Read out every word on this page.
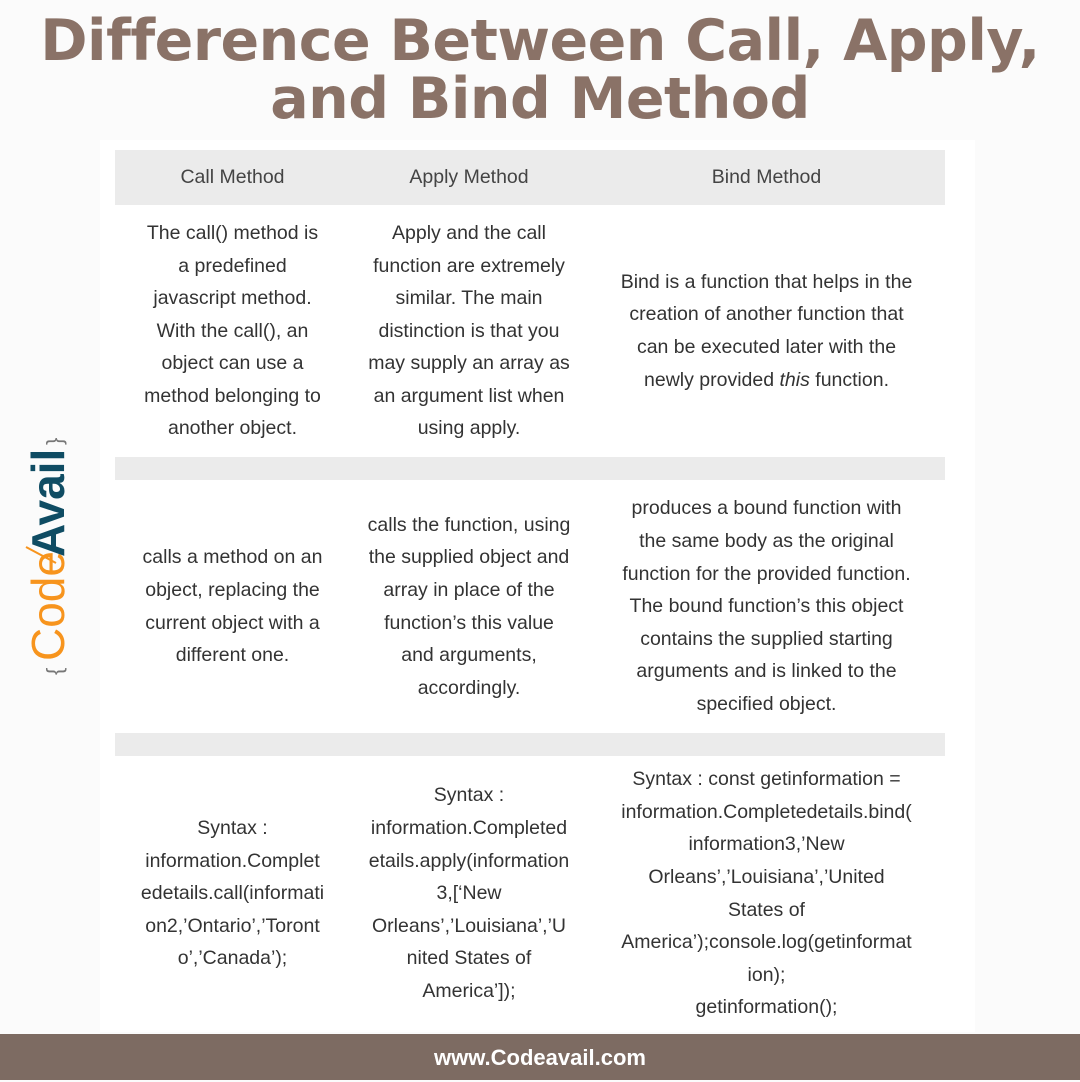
Difference Between Call, Apply,
and Bind Method
{
Code
Avail
}
Call Method	Apply Method	Bind Method
The call() method is
a predefined
javascript method.
With the call(), an
object can use a
method belonging to
another object.
Apply and the call
function are extremely
similar. The main
distinction is that you
may supply an array as
an argument list when
using apply.
Bind is a function that helps in the
creation of another function that
can be executed later with the
newly provided this function.
calls a method on an
object, replacing the
current object with a
different one.
calls the function, using
the supplied object and
array in place of the
function’s this value
and arguments,
accordingly.
produces a bound function with
the same body as the original
function for the provided function.
The bound function’s this object
contains the supplied starting
arguments and is linked to the
specified object.
Syntax :
information.Complet
edetails.call(informati
on2,’Ontario’,’Toront
o’,’Canada’);
Syntax :
information.Completed
etails.apply(information
3,[‘New
Orleans’,’Louisiana’,’U
nited States of
America’]);
Syntax : const getinformation =
information.Completedetails.bind(
information3,’New
Orleans’,’Louisiana’,’United
States of
America’);console.log(getinformat
ion);
getinformation();
www.Codeavail.com
